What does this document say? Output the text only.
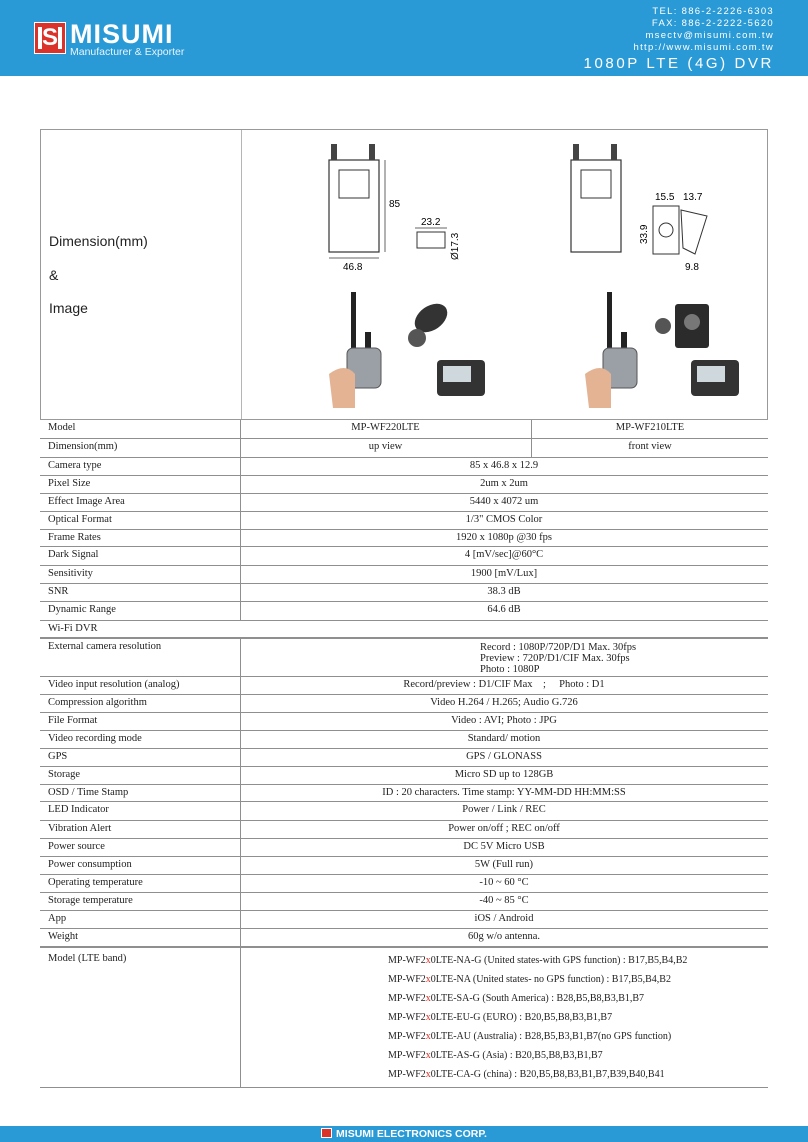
S MISUMI
Manufacturer & Exporter
TEL: 886-2-2226-6303
FAX: 886-2-2222-5620
msectv@misumi.com.tw
http://www.misumi.com.tw
1080P LTE (4G) DVR
Dimension(mm)
&
Image
85
46.8
23.2
Ø17.3
15.5 13.7
33.9
9.8
Model	MP-WF220LTE	MP-WF210LTE
Dimension(mm)	up view	front view
Camera type	85 x 46.8 x 12.9
Pixel Size	2um x 2um
Effect Image Area	5440 x 4072 um
Optical Format	1/3" CMOS Color
Frame Rates	1920 x 1080p @30 fps
Dark Signal	4 [mV/sec]@60°C
Sensitivity	1900 [mV/Lux]
SNR	38.3 dB
Dynamic Range	64.6 dB
Wi-Fi DVR
External camera resolution	Record : 1080P/720P/D1 Max. 30fps
Preview : 720P/D1/CIF Max. 30fps
Photo : 1080P
Video input resolution (analog)	Record/preview : D1/CIF Max    ;     Photo : D1
Compression algorithm	Video H.264 / H.265; Audio G.726
File Format	Video : AVI; Photo : JPG
Video recording mode	Standard/ motion
GPS	GPS / GLONASS
Storage	Micro SD up to 128GB
OSD / Time Stamp	ID : 20 characters. Time stamp: YY-MM-DD HH:MM:SS
LED Indicator	Power / Link / REC
Vibration Alert	Power on/off ; REC on/off
Power source	DC 5V Micro USB
Power consumption	5W (Full run)
Operating temperature	-10 ~ 60 °C
Storage temperature	-40 ~ 85 °C
App	iOS / Android
Weight	60g w/o antenna.
Model (LTE band)	MP-WF2x0LTE-NA-G (United states-with GPS function) : B17,B5,B4,B2
MP-WF2x0LTE-NA (United states- no GPS function) : B17,B5,B4,B2
MP-WF2x0LTE-SA-G (South America) : B28,B5,B8,B3,B1,B7
MP-WF2x0LTE-EU-G (EURO) : B20,B5,B8,B3,B1,B7
MP-WF2x0LTE-AU (Australia) : B28,B5,B3,B1,B7(no GPS function)
MP-WF2x0LTE-AS-G (Asia) : B20,B5,B8,B3,B1,B7
MP-WF2x0LTE-CA-G (china) : B20,B5,B8,B3,B1,B7,B39,B40,B41
MISUMI ELECTRONICS CORP.
